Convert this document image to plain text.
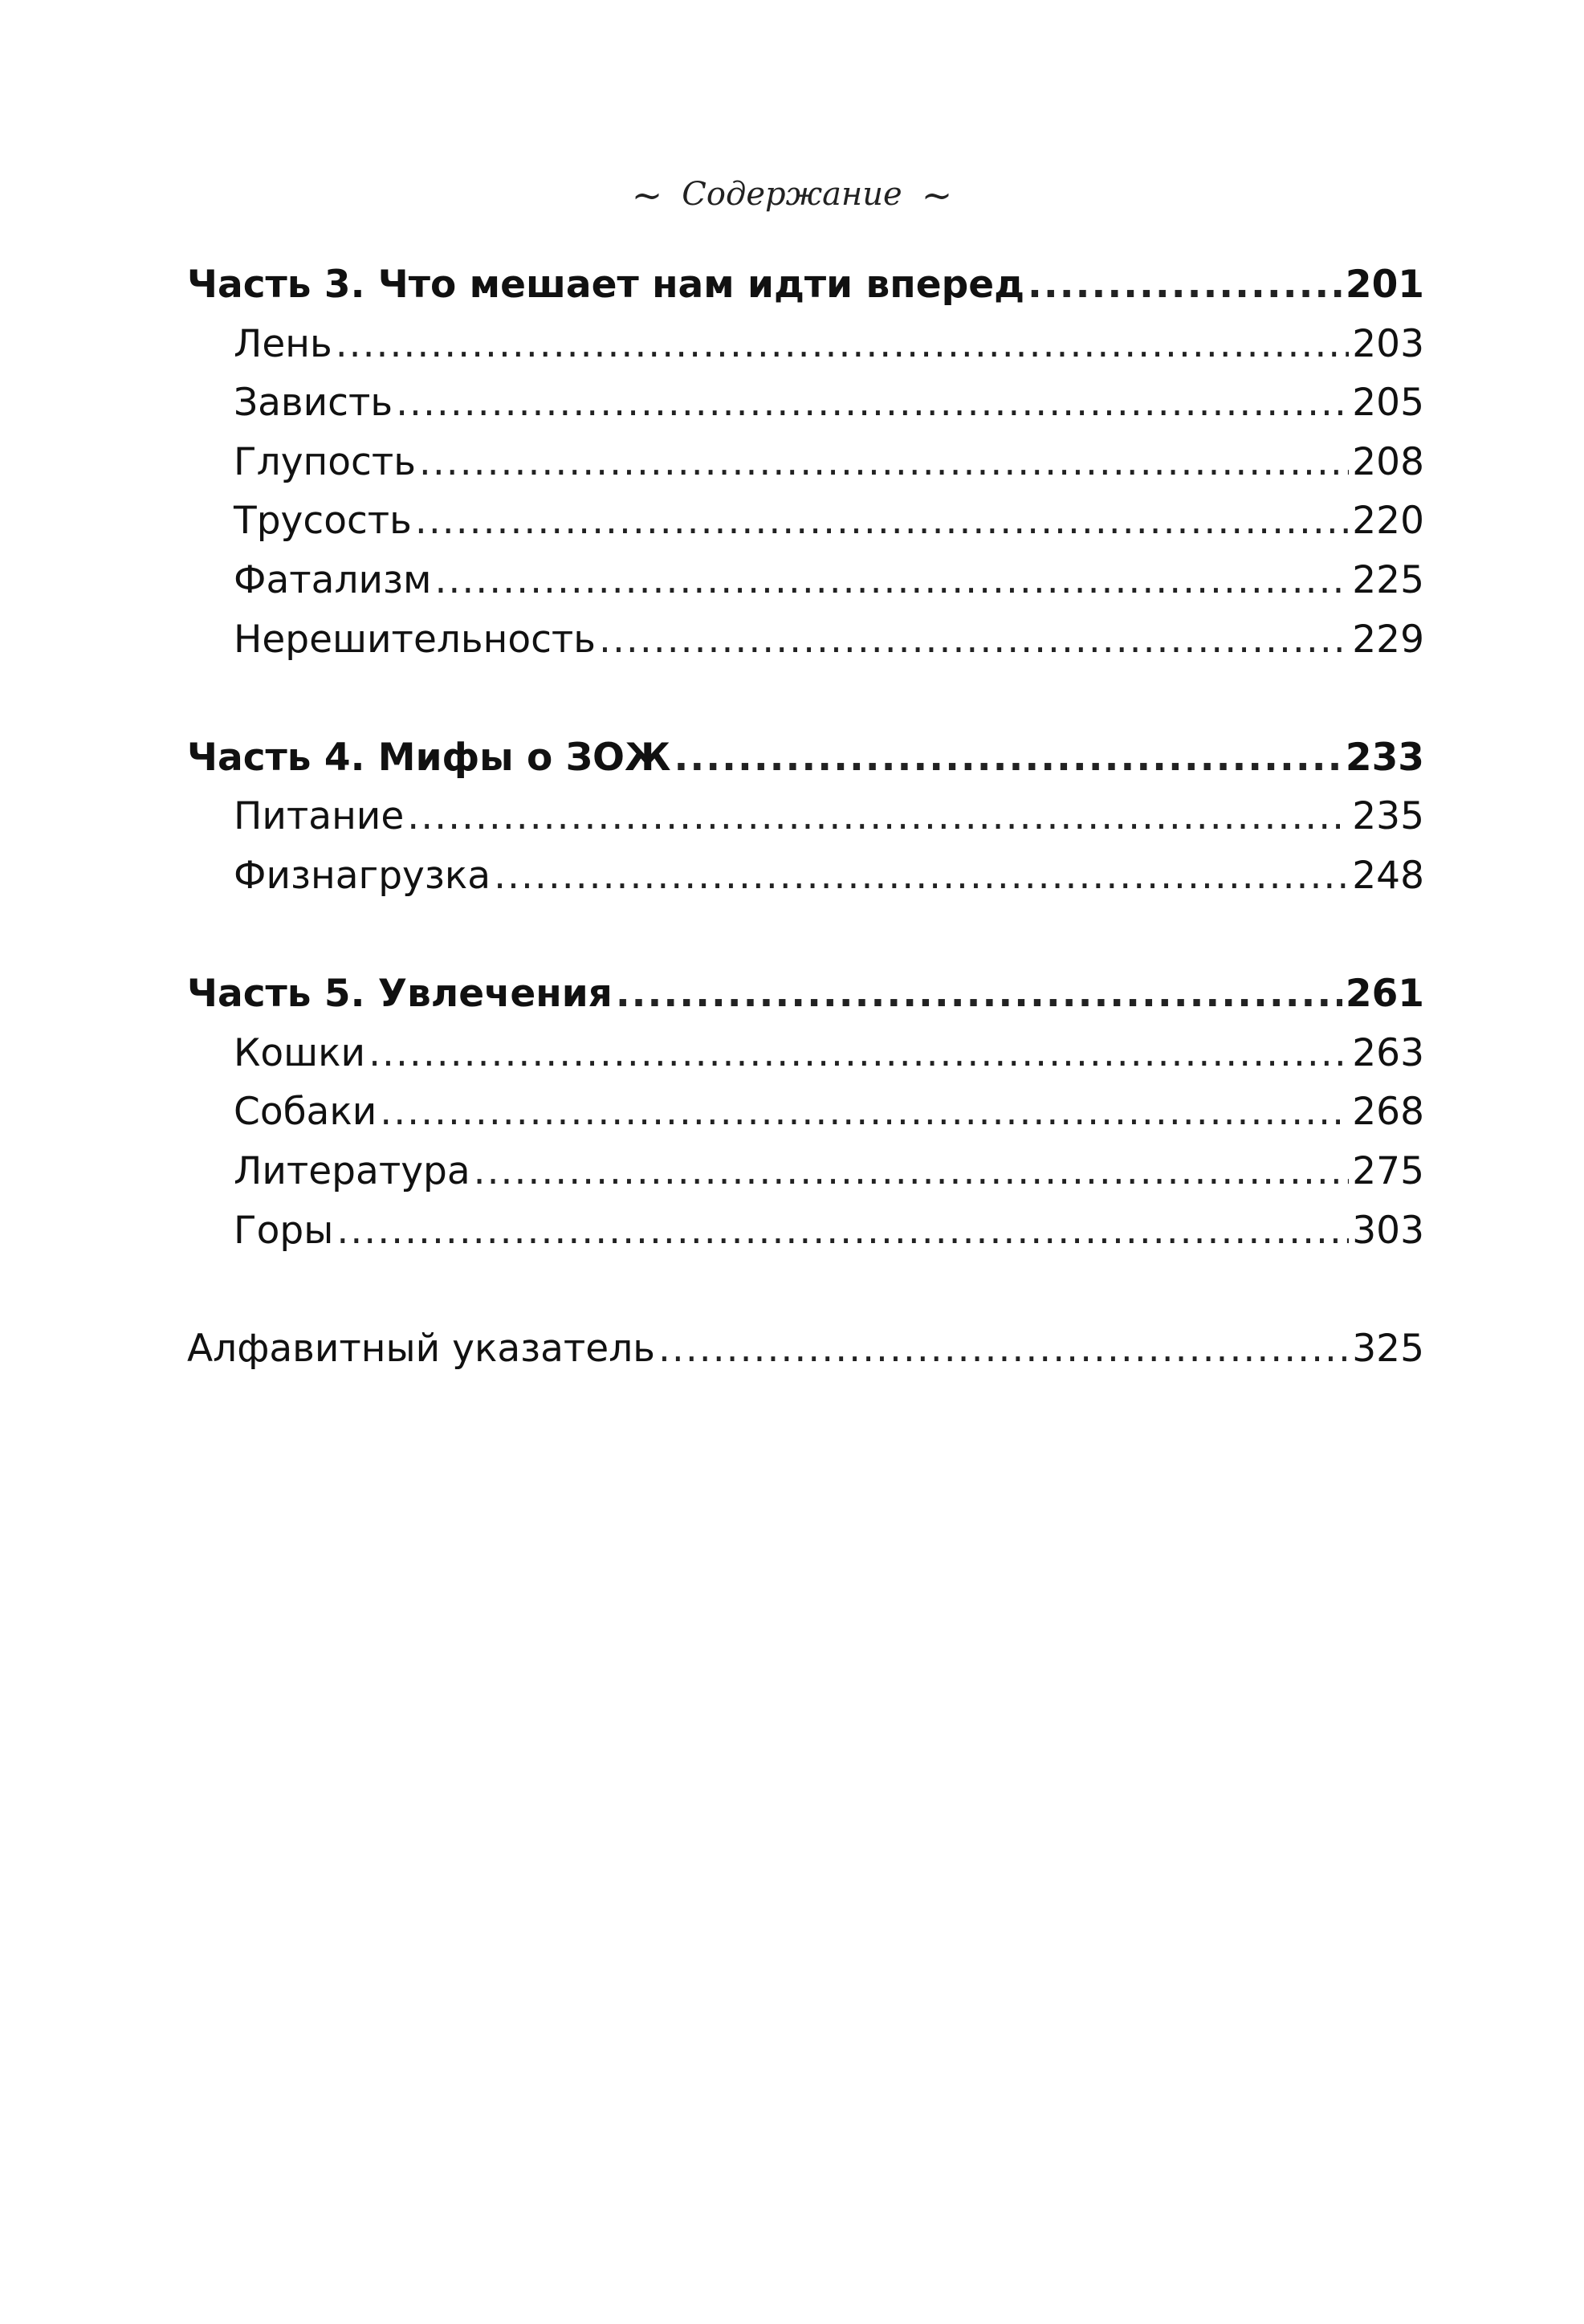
~ Содержание ~
Часть 3. Что мешает нам идти вперед .....	201
Лень .....	203
Зависть .....	205
Глупость .....	208
Трусость .....	220
Фатализм .....	225
Нерешительность .....	229
Часть 4. Мифы о ЗОЖ .....	233
Питание .....	235
Физнагрузка .....	248
Часть 5. Увлечения .....	261
Кошки .....	263
Собаки .....	268
Литература .....	275
Горы .....	303
Алфавитный указатель .....	325
